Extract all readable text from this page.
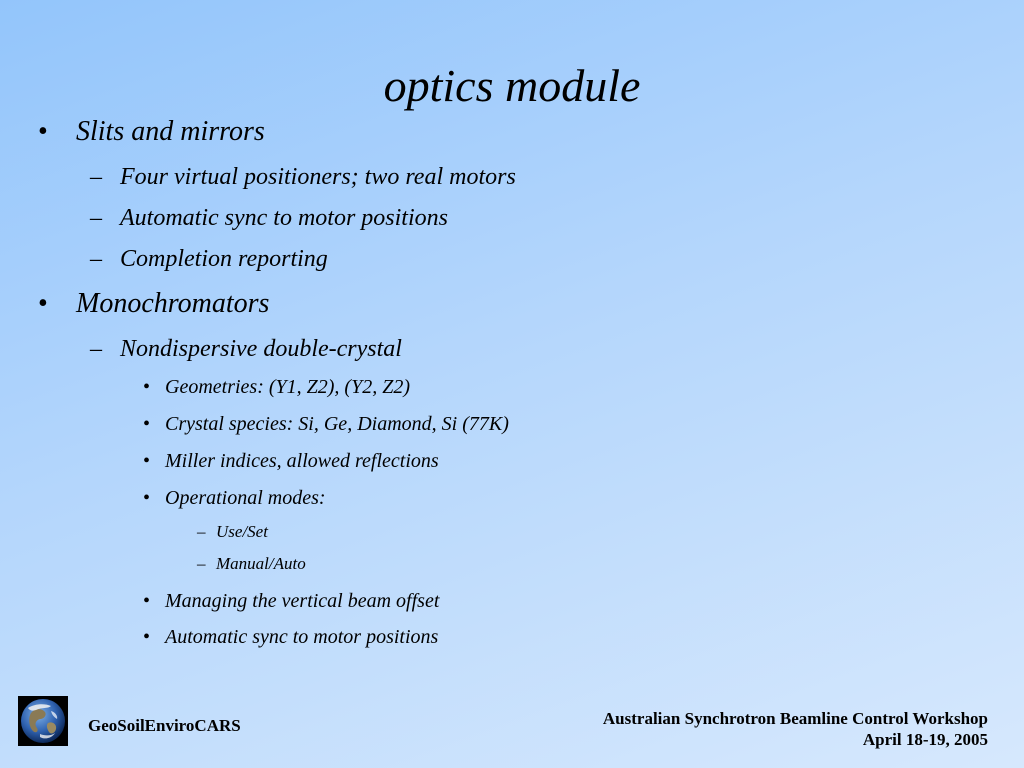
optics module
• Slits and mirrors
– Four virtual positioners; two real motors
– Automatic sync to motor positions
– Completion reporting
• Monochromators
– Nondispersive double-crystal
• Geometries: (Y1, Z2), (Y2, Z2)
• Crystal species: Si, Ge, Diamond, Si (77K)
• Miller indices, allowed reflections
• Operational modes:
– Use/Set
– Manual/Auto
• Managing the vertical beam offset
• Automatic sync to motor positions
GeoSoilEnviroCARS	Australian Synchrotron Beamline Control Workshop
April 18-19, 2005
